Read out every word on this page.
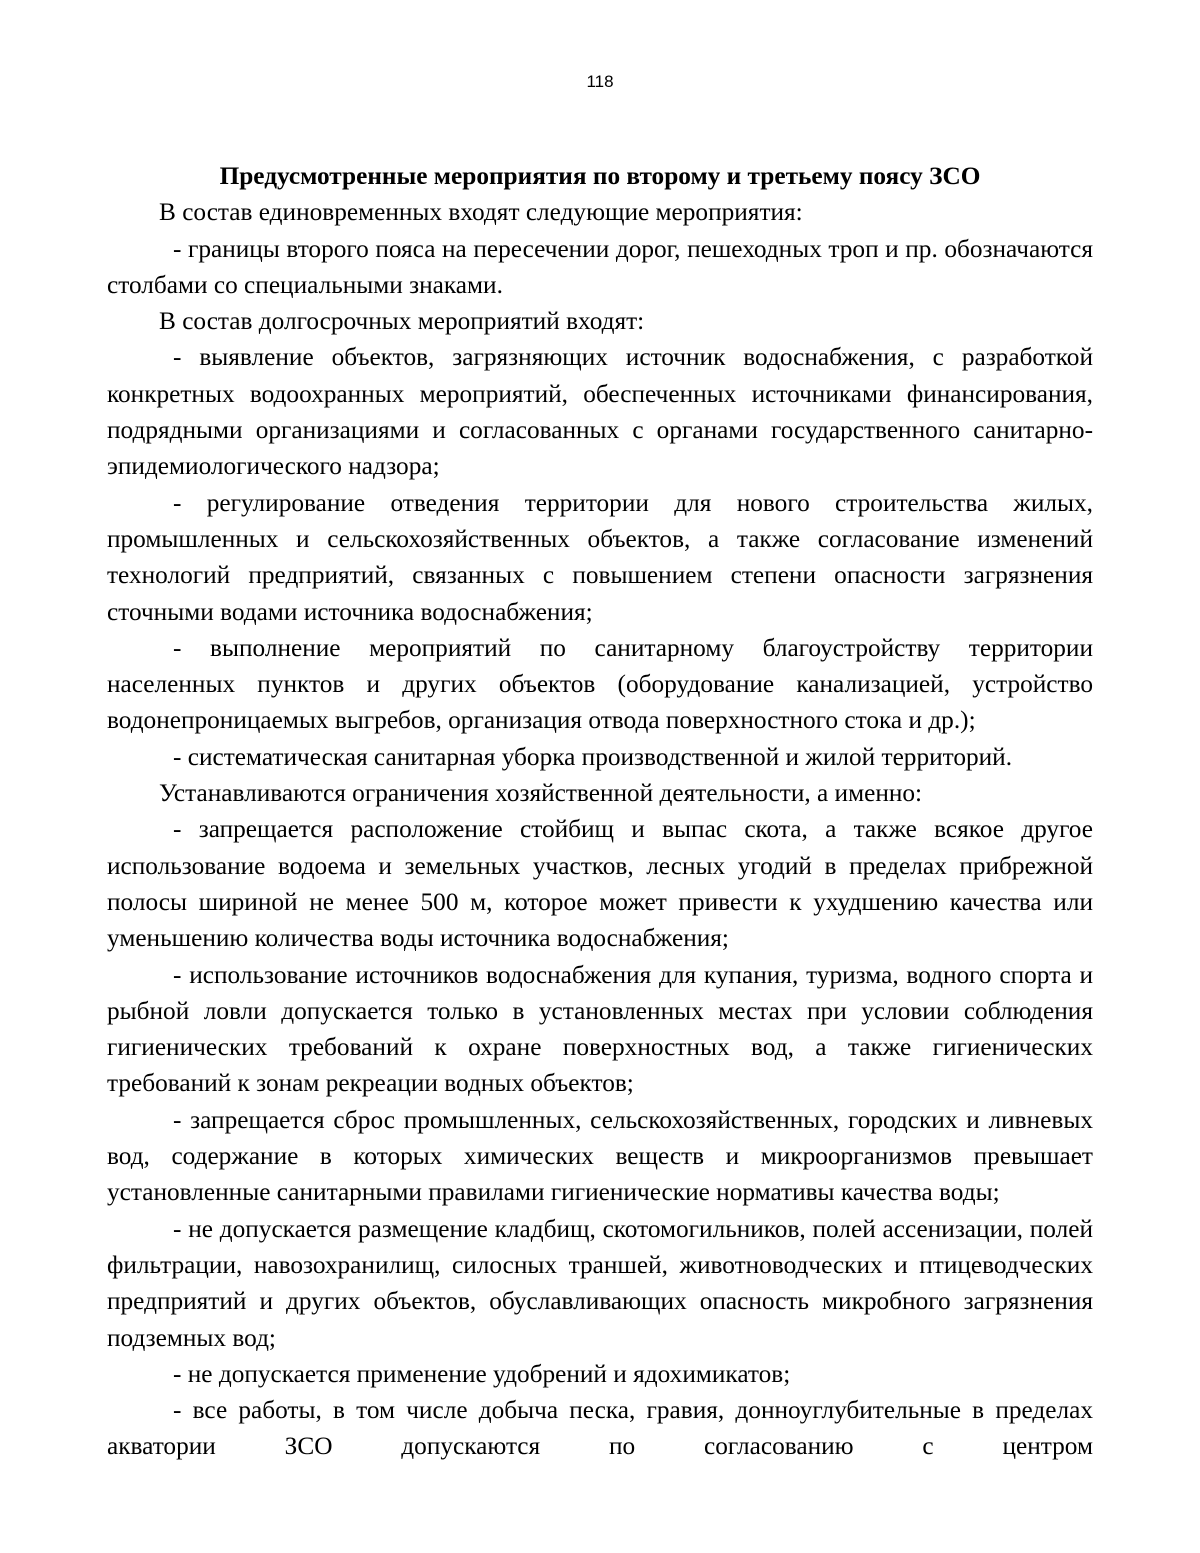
118

Предусмотренные мероприятия по второму и третьему поясу ЗСО

В состав единовременных входят следующие мероприятия:

- границы второго пояса на пересечении дорог, пешеходных троп и пр. обозначаются столбами со специальными знаками.

В состав долгосрочных мероприятий входят:

- выявление объектов, загрязняющих источник водоснабжения, с разработкой конкретных водоохранных мероприятий, обеспеченных источниками финансирования, подрядными организациями и согласованных с органами государственного санитарно-эпидемиологического надзора;

- регулирование отведения территории для нового строительства жилых, промышленных и сельскохозяйственных объектов, а также согласование изменений технологий предприятий, связанных с повышением степени опасности загрязнения сточными водами источника водоснабжения;

- выполнение мероприятий по санитарному благоустройству территории населенных пунктов и других объектов (оборудование канализацией, устройство водонепроницаемых выгребов, организация отвода поверхностного стока и др.);

- систематическая санитарная уборка производственной и жилой территорий.

Устанавливаются ограничения хозяйственной деятельности, а именно:

- запрещается расположение стойбищ и выпас скота, а также всякое другое использование водоема и земельных участков, лесных угодий в пределах прибрежной полосы шириной не менее 500 м, которое может привести к ухудшению качества или уменьшению количества воды источника водоснабжения;

- использование источников водоснабжения для купания, туризма, водного спорта и рыбной ловли допускается только в установленных местах при условии соблюдения гигиенических требований к охране поверхностных вод, а также гигиенических требований к зонам рекреации водных объектов;

- запрещается сброс промышленных, сельскохозяйственных, городских и ливневых вод, содержание в которых химических веществ и микроорганизмов превышает установленные санитарными правилами гигиенические нормативы качества воды;

- не допускается размещение кладбищ, скотомогильников, полей ассенизации, полей фильтрации, навозохранилищ, силосных траншей, животноводческих и птицеводческих предприятий и других объектов, обуславливающих опасность микробного загрязнения подземных вод;

- не допускается применение удобрений и ядохимикатов;

- все работы, в том числе добыча песка, гравия, донноуглубительные в пределах акватории ЗСО допускаются по согласованию с центром
